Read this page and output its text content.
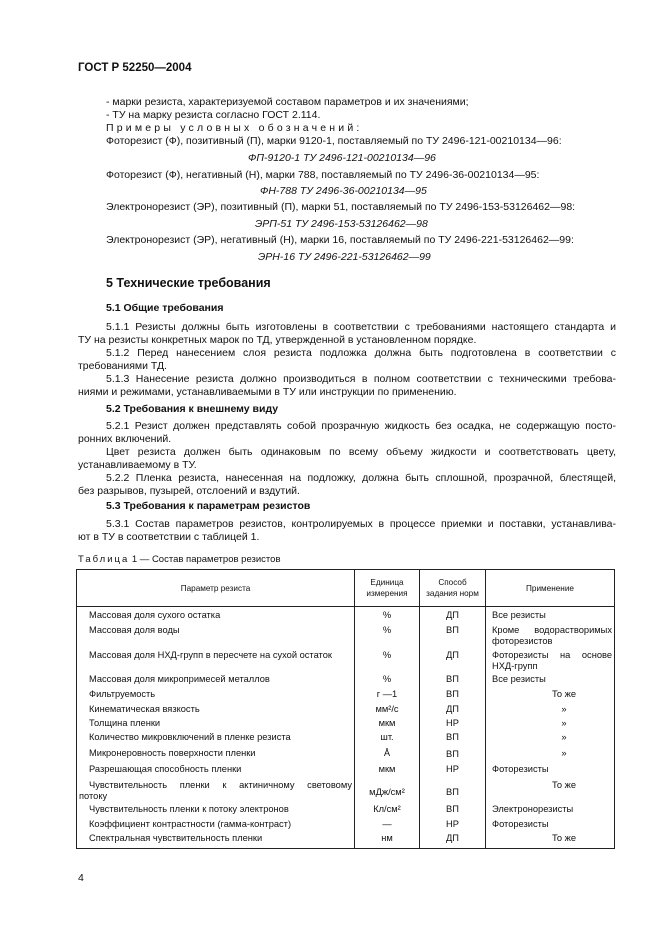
ГОСТ Р 52250—2004
- марки резиста, характеризуемой составом параметров и их значениями;
- ТУ на марку резиста согласно ГОСТ 2.114.
Примеры условных обозначений:
Фоторезист (Ф), позитивный (П), марки 9120-1, поставляемый по ТУ 2496-121-00210134—96:
ФП-9120-1 ТУ 2496-121-00210134—96
Фоторезист (Ф), негативный (Н), марки 788, поставляемый по ТУ 2496-36-00210134—95:
ФН-788 ТУ 2496-36-00210134—95
Электронорезист (ЭР), позитивный (П), марки 51, поставляемый по ТУ 2496-153-53126462—98:
ЭРП-51 ТУ 2496-153-53126462—98
Электронорезист (ЭР), негативный (Н), марки 16, поставляемый по ТУ 2496-221-53126462—99:
ЭРН-16 ТУ 2496-221-53126462—99
5 Технические требования
5.1 Общие требования
5.1.1 Резисты должны быть изготовлены в соответствии с требованиями настоящего стандарта и
ТУ на резисты конкретных марок по ТД, утвержденной в установленном порядке.
5.1.2 Перед нанесением слоя резиста подложка должна быть подготовлена в соответствии с
требованиями ТД.
5.1.3 Нанесение резиста должно производиться в полном соответствии с техническими требова-
ниями и режимами, устанавливаемыми в ТУ или инструкции по применению.
5.2 Требования к внешнему виду
5.2.1 Резист должен представлять собой прозрачную жидкость без осадка, не содержащую посто-
ронних включений.
Цвет резиста должен быть одинаковым по всему объему жидкости и соответствовать цвету,
устанавливаемому в ТУ.
5.2.2 Пленка резиста, нанесенная на подложку, должна быть сплошной, прозрачной, блестящей,
без разрывов, пузырей, отслоений и вздутий.
5.3 Требования к параметрам резистов
5.3.1 Состав параметров резистов, контролируемых в процессе приемки и поставки, устанавлива-
ют в ТУ в соответствии с таблицей 1.
Таблица 1 — Состав параметров резистов
Параметр резиста	Единица измерения	Способ задания норм	Применение
Массовая доля сухого остатка	%	ДП	Все резисты
Массовая доля воды	%	ВП	Кроме водорастворимых
фоторезистов

Массовая доля НХД-групп в пересчете на сухой остаток	%	ДП	Фоторезисты на основе
НХД-групп

Массовая доля микропримесей металлов	%	ВП	Все резисты
Фильтруемость	г —1	ВП	То же
Кинематическая вязкость	мм²/с	ДП	»
Толщина пленки	мкм	НР	»
Количество микровключений в пленке резиста	шт.	ВП	»
Микронеровность поверхности пленки	Å	ВП	»
Разрешающая способность пленки	мкм	НР	Фоторезисты

Чувствительность пленки к актиничному световому
потоку	мДж/см²	ВП	То же
Чувствительность пленки к потоку электронов	Кл/см²	ВП	Электронорезисты
Коэффициент контрастности (гамма-контраст)	—	НР	Фоторезисты
Спектральная чувствительность пленки	нм	ДП	То же
4
